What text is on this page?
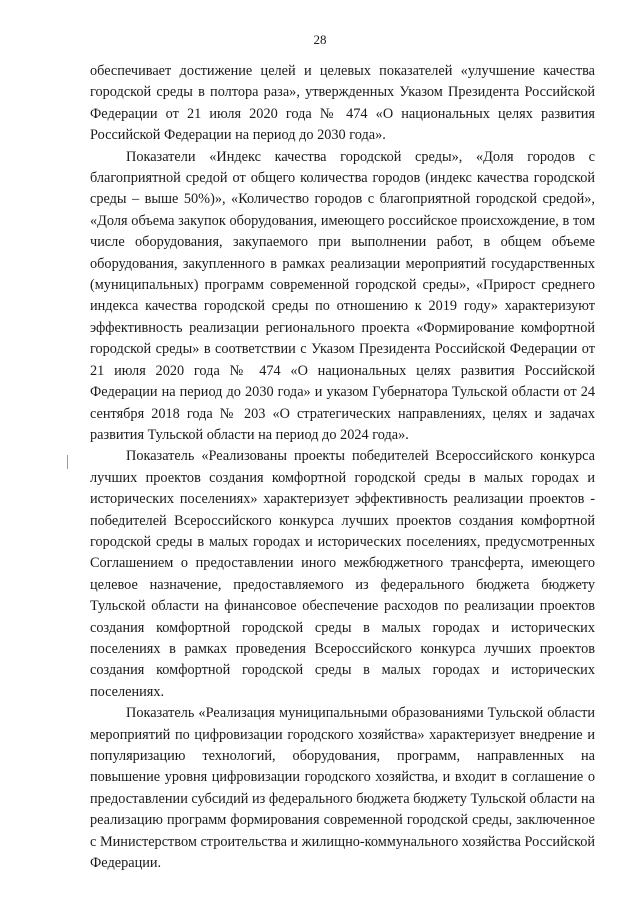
28

обеспечивает достижение целей и целевых показателей «улучшение качества городской среды в полтора раза», утвержденных Указом Президента Российской Федерации от 21 июля 2020 года № 474 «О национальных целях развития Российской Федерации на период до 2030 года».

Показатели «Индекс качества городской среды», «Доля городов с благоприятной средой от общего количества городов (индекс качества городской среды – выше 50%)», «Количество городов с благоприятной городской средой», «Доля объема закупок оборудования, имеющего российское происхождение, в том числе оборудования, закупаемого при выполнении работ, в общем объеме оборудования, закупленного в рамках реализации мероприятий государственных (муниципальных) программ современной городской среды», «Прирост среднего индекса качества городской среды по отношению к 2019 году» характеризуют эффективность реализации регионального проекта «Формирование комфортной городской среды» в соответствии с Указом Президента Российской Федерации от 21 июля 2020 года № 474 «О национальных целях развития Российской Федерации на период до 2030 года» и указом Губернатора Тульской области от 24 сентября 2018 года № 203 «О стратегических направлениях, целях и задачах развития Тульской области на период до 2024 года».

Показатель «Реализованы проекты победителей Всероссийского конкурса лучших проектов создания комфортной городской среды в малых городах и исторических поселениях» характеризует эффективность реализации проектов - победителей Всероссийского конкурса лучших проектов создания комфортной городской среды в малых городах и исторических поселениях, предусмотренных Соглашением о предоставлении иного межбюджетного трансферта, имеющего целевое назначение, предоставляемого из федерального бюджета бюджету Тульской области на финансовое обеспечение расходов по реализации проектов создания комфортной городской среды в малых городах и исторических поселениях в рамках проведения Всероссийского конкурса лучших проектов создания комфортной городской среды в малых городах и исторических поселениях.

Показатель «Реализация муниципальными образованиями Тульской области мероприятий по цифровизации городского хозяйства» характеризует внедрение и популяризацию технологий, оборудования, программ, направленных на повышение уровня цифровизации городского хозяйства, и входит в соглашение о предоставлении субсидий из федерального бюджета бюджету Тульской области на реализацию программ формирования современной городской среды, заключенное с Министерством строительства и жилищно-коммунального хозяйства Российской Федерации.
